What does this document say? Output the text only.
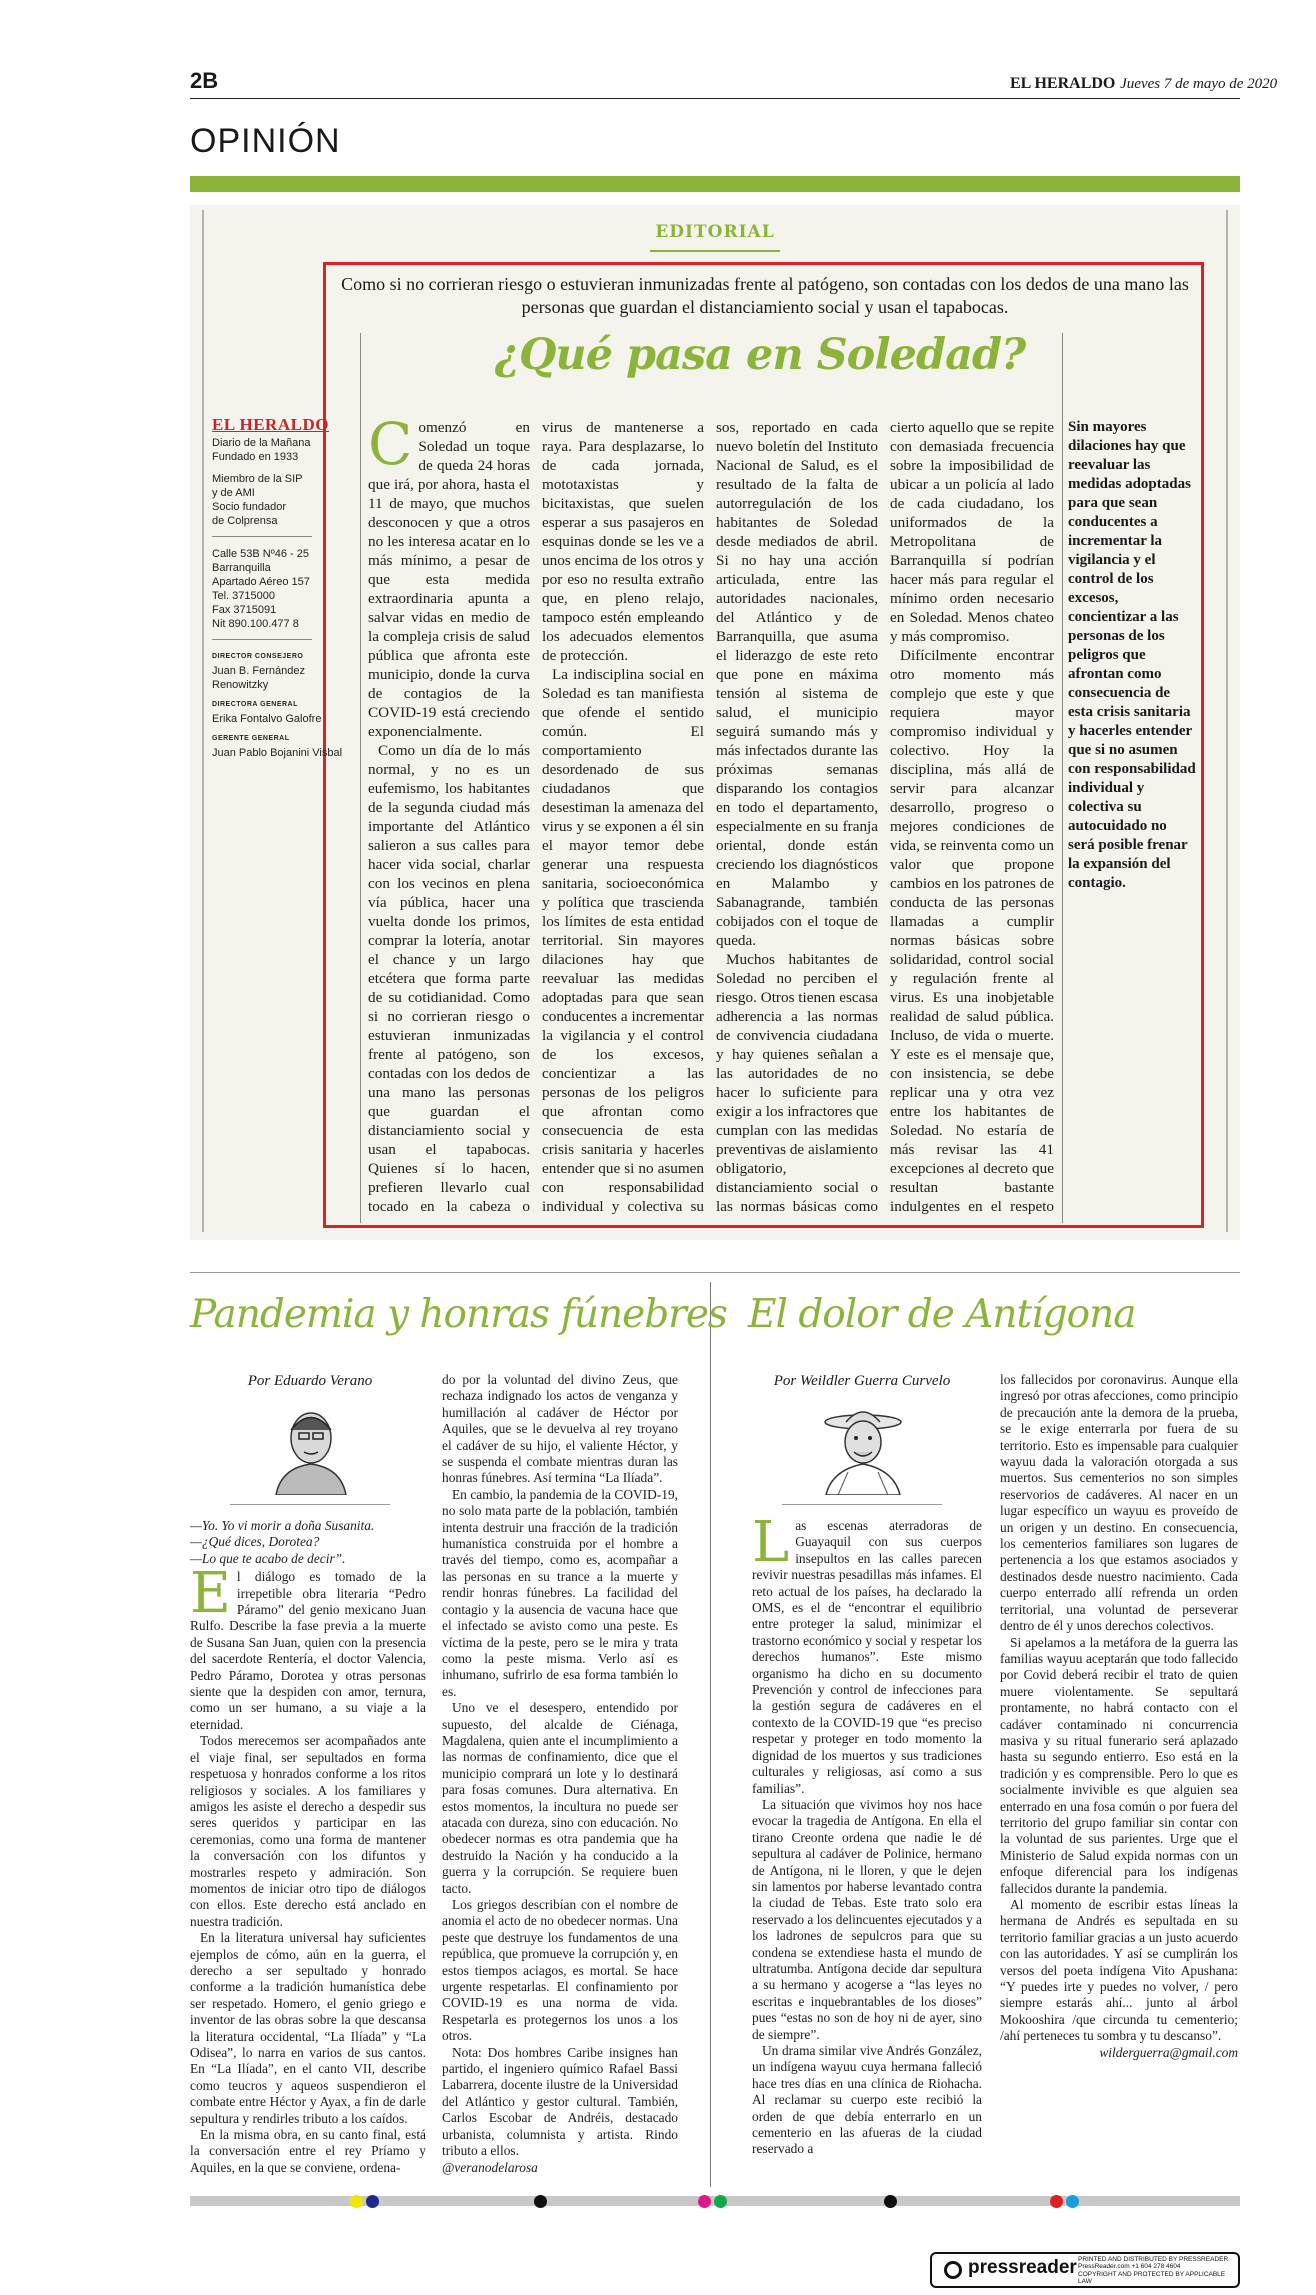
2B	EL HERALDO Jueves 7 de mayo de 2020
OPINIÓN
EDITORIAL
Como si no corrieran riesgo o estuvieran inmunizadas frente al patógeno, son contadas con los dedos de una mano las personas que guardan el distanciamiento social y usan el tapabocas.
¿Qué pasa en Soledad?
EL HERALDO
Diario de la Mañana
Fundado en 1933
Miembro de la SIP
y de AMI
Socio fundador
de Colprensa
Calle 53B Nº46 - 25
Barranquilla
Apartado Aéreo 157
Tel. 3715000
Fax 3715091
Nit 890.100.477 8
DIRECTOR CONSEJERO
Juan B. Fernández
Renowitzky
DIRECTORA GENERAL
Erika Fontalvo Galofre
GERENTE GENERAL
Juan Pablo Bojanini Visbal

Comenzó en Soledad un toque de queda 24 horas que irá, por ahora, hasta el 11 de mayo, que muchos desconocen y que a otros no les interesa acatar en lo más mínimo, a pesar de que esta medida extraordinaria apunta a salvar vidas en medio de la compleja crisis de salud pública que afronta este municipio, donde la curva de contagios de la COVID-19 está creciendo exponencialmente.

Como un día de lo más normal, y no es un eufemismo, los habitantes de la segunda ciudad más importante del Atlántico salieron a sus calles para hacer vida social, charlar con los vecinos en plena vía pública, hacer una vuelta donde los primos, comprar la lotería, anotar el chance y un largo etcétera que forma parte de su cotidianidad. Como si no corrieran riesgo o estuvieran inmunizadas frente al patógeno, son contadas con los dedos de una mano las personas que guardan el distanciamiento social y usan el tapabocas. Quienes sí lo hacen, prefieren llevarlo cual tocado en la cabeza o

virus de mantenerse a raya. Para desplazarse, lo de cada jornada, mototaxistas y bicitaxistas, que suelen esperar a sus pasajeros en esquinas donde se les ve a unos encima de los otros y por eso no resulta extraño que, en pleno relajo, tampoco estén empleando los adecuados elementos de protección.

La indisciplina social en Soledad es tan manifiesta que ofende el sentido común. El comportamiento desordenado de sus ciudadanos que desestiman la amenaza del virus y se exponen a él sin el mayor temor debe generar una respuesta sanitaria, socioeconómica y política que trascienda los límites de esta entidad territorial. Sin mayores dilaciones hay que reevaluar las medidas adoptadas para que sean conducentes a incrementar la vigilancia y el control de los excesos, concientizar a las personas de los peligros que afrontan como consecuencia de esta crisis sanitaria y hacerles entender que si no asumen con responsabilidad individual y colectiva su

sos, reportado en cada nuevo boletín del Instituto Nacional de Salud, es el resultado de la falta de autorregulación de los habitantes de Soledad desde mediados de abril. Si no hay una acción articulada, entre las autoridades nacionales, del Atlántico y de Barranquilla, que asuma el liderazgo de este reto que pone en máxima tensión al sistema de salud, el municipio seguirá sumando más y más infectados durante las próximas semanas disparando los contagios en todo el departamento, especialmente en su franja oriental, donde están creciendo los diagnósticos en Malambo y Sabanagrande, también cobijados con el toque de queda.

Muchos habitantes de Soledad no perciben el riesgo. Otros tienen escasa adherencia a las normas de convivencia ciudadana y hay quienes señalan a las autoridades de no hacer lo suficiente para exigir a los infractores que cumplan con las medidas preventivas de aislamiento obligatorio, distanciamiento social o las normas básicas como

cierto aquello que se repite con demasiada frecuencia sobre la imposibilidad de ubicar a un policía al lado de cada ciudadano, los uniformados de la Metropolitana de Barranquilla sí podrían hacer más para regular el mínimo orden necesario en Soledad. Menos chateo y más compromiso.

Difícilmente encontrar otro momento más complejo que este y que requiera mayor compromiso individual y colectivo. Hoy la disciplina, más allá de servir para alcanzar desarrollo, progreso o mejores condiciones de vida, se reinventa como un valor que propone cambios en los patrones de conducta de las personas llamadas a cumplir normas básicas sobre solidaridad, control social y regulación frente al virus. Es una inobjetable realidad de salud pública. Incluso, de vida o muerte. Y este es el mensaje que, con insistencia, se debe replicar una y otra vez entre los habitantes de Soledad. No estaría de más revisar las 41 excepciones al decreto que resultan bastante indulgentes en el respeto

Sin mayores dilaciones hay que reevaluar las medidas adoptadas para que sean conducentes a incrementar la vigilancia y el control de los excesos, concientizar a las personas de los peligros que afrontan como consecuencia de esta crisis sanitaria y hacerles entender que si no asumen con responsabilidad individual y colectiva su autocuidado no será posible frenar la expansión del contagio.
Pandemia y honras fúnebres
Por Eduardo Verano

—Yo. Yo vi morir a doña Susanita.
—¿Qué dices, Dorotea?
—Lo que te acabo de decir”.

El diálogo es tomado de la irrepetible obra literaria “Pedro Páramo” del genio mexicano Juan Rulfo. Describe la fase previa a la muerte de Susana San Juan, quien con la presencia del sacerdote Rentería, el doctor Valencia, Pedro Páramo, Dorotea y otras personas siente que la despiden con amor, ternura, como un ser humano, a su viaje a la eternidad.

Todos merecemos ser acompañados ante el viaje final, ser sepultados en forma respetuosa y honrados conforme a los ritos religiosos y sociales. A los familiares y amigos les asiste el derecho a despedir sus seres queridos y participar en las ceremonias, como una forma de mantener la conversación con los difuntos y mostrarles respeto y admiración. Son momentos de iniciar otro tipo de diálogos con ellos. Este derecho está anclado en nuestra tradición.

En la literatura universal hay suficientes ejemplos de cómo, aún en la guerra, el derecho a ser sepultado y honrado conforme a la tradición humanística debe ser respetado. Homero, el genio griego e inventor de las obras sobre la que descansa la literatura occidental, “La Ilíada” y “La Odisea”, lo narra en varios de sus cantos. En “La Ilíada”, en el canto VII, describe como teucros y aqueos suspendieron el combate entre Héctor y Ayax, a fin de darle sepultura y rendirles tributo a los caídos.

En la misma obra, en su canto final, está la conversación entre el rey Príamo y Aquiles, en la que se conviene, ordena-

do por la voluntad del divino Zeus, que rechaza indignado los actos de venganza y humillación al cadáver de Héctor por Aquiles, que se le devuelva al rey troyano el cadáver de su hijo, el valiente Héctor, y se suspenda el combate mientras duran las honras fúnebres. Así termina “La Ilíada”.

En cambio, la pandemia de la COVID-19, no solo mata parte de la población, también intenta destruir una fracción de la tradición humanística construida por el hombre a través del tiempo, como es, acompañar a las personas en su trance a la muerte y rendir honras fúnebres. La facilidad del contagio y la ausencia de vacuna hace que el infectado se avisto como una peste. Es víctima de la peste, pero se le mira y trata como la peste misma. Verlo así es inhumano, sufrirlo de esa forma también lo es.

Uno ve el desespero, entendido por supuesto, del alcalde de Ciénaga, Magdalena, quien ante el incumplimiento a las normas de confinamiento, dice que el municipio comprará un lote y lo destinará para fosas comunes. Dura alternativa. En estos momentos, la incultura no puede ser atacada con dureza, sino con educación. No obedecer normas es otra pandemia que ha destruido la Nación y ha conducido a la guerra y la corrupción. Se requiere buen tacto.

Los griegos describían con el nombre de anomia el acto de no obedecer normas. Una peste que destruye los fundamentos de una república, que promueve la corrupción y, en estos tiempos aciagos, es mortal. Se hace urgente respetarlas. El confinamiento por COVID-19 es una norma de vida. Respetarla es protegernos los unos a los otros.

Nota: Dos hombres Caribe insignes han partido, el ingeniero químico Rafael Bassi Labarrera, docente ilustre de la Universidad del Atlántico y gestor cultural. También, Carlos Escobar de Andréis, destacado urbanista, columnista y artista. Rindo tributo a ellos.

@veranodelarosa

El dolor de Antígona
Por Weildler Guerra Curvelo

Las escenas aterradoras de Guayaquil con sus cuerpos insepultos en las calles parecen revivir nuestras pesadillas más infames. El reto actual de los países, ha declarado la OMS, es el de “encontrar el equilibrio entre proteger la salud, minimizar el trastorno económico y social y respetar los derechos humanos”. Este mismo organismo ha dicho en su documento Prevención y control de infecciones para la gestión segura de cadáveres en el contexto de la COVID-19 que “es preciso respetar y proteger en todo momento la dignidad de los muertos y sus tradiciones culturales y religiosas, así como a sus familias”.

La situación que vivimos hoy nos hace evocar la tragedia de Antígona. En ella el tirano Creonte ordena que nadie le dé sepultura al cadáver de Polinice, hermano de Antígona, ni le lloren, y que le dejen sin lamentos por haberse levantado contra la ciudad de Tebas. Este trato solo era reservado a los delincuentes ejecutados y a los ladrones de sepulcros para que su condena se extendiese hasta el mundo de ultratumba. Antígona decide dar sepultura a su hermano y acogerse a “las leyes no escritas e inquebrantables de los dioses” pues “estas no son de hoy ni de ayer, sino de siempre”.

Un drama similar vive Andrés González, un indígena wayuu cuya hermana falleció hace tres días en una clínica de Riohacha. Al reclamar su cuerpo este recibió la orden de que debía enterrarlo en un cementerio en las afueras de la ciudad reservado a

los fallecidos por coronavirus. Aunque ella ingresó por otras afecciones, como principio de precaución ante la demora de la prueba, se le exige enterrarla por fuera de su territorio. Esto es impensable para cualquier wayuu dada la valoración otorgada a sus muertos. Sus cementerios no son simples reservorios de cadáveres. Al nacer en un lugar específico un wayuu es proveído de un origen y un destino. En consecuencia, los cementerios familiares son lugares de pertenencia a los que estamos asociados y destinados desde nuestro nacimiento. Cada cuerpo enterrado allí refrenda un orden territorial, una voluntad de perseverar dentro de él y unos derechos colectivos.

Si apelamos a la metáfora de la guerra las familias wayuu aceptarán que todo fallecido por Covid deberá recibir el trato de quien muere violentamente. Se sepultará prontamente, no habrá contacto con el cadáver contaminado ni concurrencia masiva y su ritual funerario será aplazado hasta su segundo entierro. Eso está en la tradición y es comprensible. Pero lo que es socialmente invivible es que alguien sea enterrado en una fosa común o por fuera del territorio del grupo familiar sin contar con la voluntad de sus parientes. Urge que el Ministerio de Salud expida normas con un enfoque diferencial para los indígenas fallecidos durante la pandemia.

Al momento de escribir estas líneas la hermana de Andrés es sepultada en su territorio familiar gracias a un justo acuerdo con las autoridades. Y así se cumplirán los versos del poeta indígena Vito Apushana: “Y puedes irte y puedes no volver, / pero siempre estarás ahí... junto al árbol Mokooshira /que circunda tu cementerio; /ahí perteneces tu sombra y tu descanso”.

wilderguerra@gmail.com

pressreader PRINTED AND DISTRIBUTED BY PRESSREADER
PressReader.com +1 604 278 4604
COPYRIGHT AND PROTECTED BY APPLICABLE LAW
